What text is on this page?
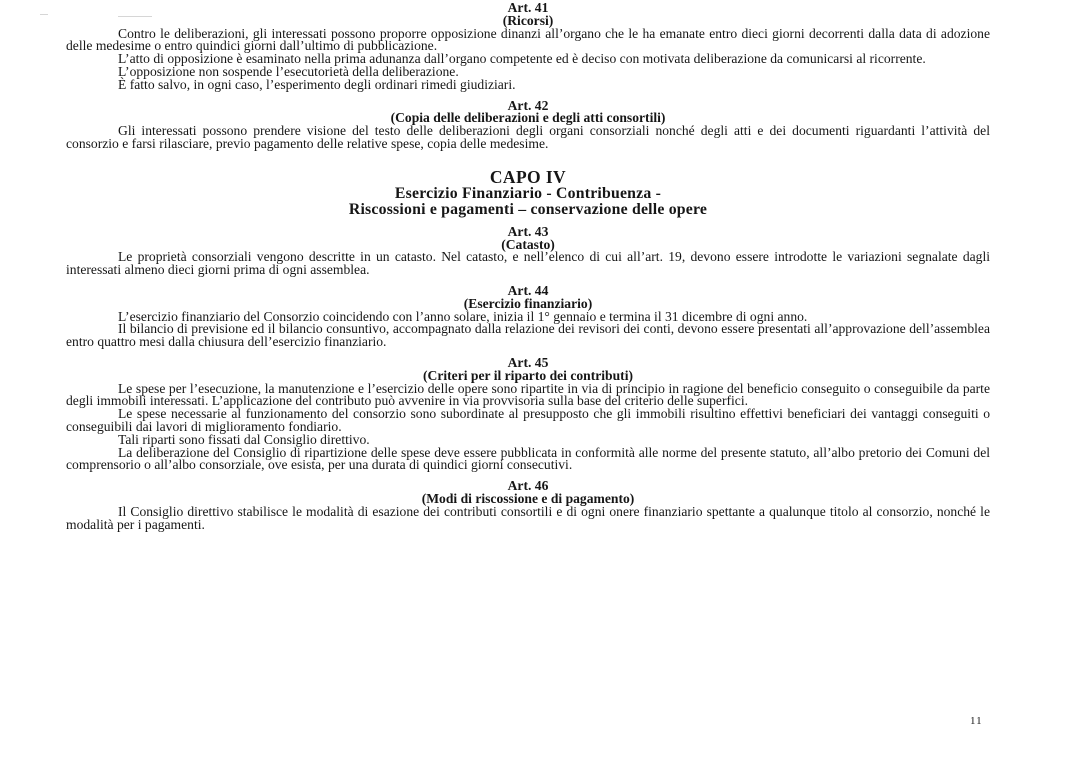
Art. 41
(Ricorsi)

Contro le deliberazioni, gli interessati possono proporre opposizione dinanzi all’organo che le ha emanate entro dieci giorni decorrenti dalla data di adozione delle medesime o entro quindici giorni dall’ultimo di pubblicazione.

L’atto di opposizione è esaminato nella prima adunanza dall’organo competente ed è deciso con motivata deliberazione da comunicarsi al ricorrente.

L’opposizione non sospende l’esecutorietà della deliberazione.

È fatto salvo, in ogni caso, l’esperimento degli ordinari rimedi giudiziari.

Art. 42
(Copia delle deliberazioni e degli atti consortili)

Gli interessati possono prendere visione del testo delle deliberazioni degli organi consorziali nonché degli atti e dei documenti riguardanti l’attività del consorzio e farsi rilasciare, previo pagamento delle relative spese, copia delle medesime.

CAPO IV
Esercizio Finanziario - Contribuenza -
Riscossioni e pagamenti – conservazione delle opere
Art. 43
(Catasto)

Le proprietà consorziali vengono descritte in un catasto. Nel catasto, e nell’elenco di cui all’art. 19, devono essere introdotte le variazioni segnalate dagli interessati almeno dieci giorni prima di ogni assemblea.

Art. 44
(Esercizio finanziario)

L’esercizio finanziario del Consorzio coincidendo con l’anno solare, inizia il 1° gennaio e termina il 31 dicembre di ogni anno.

Il bilancio di previsione ed il bilancio consuntivo, accompagnato dalla relazione dei revisori dei conti, devono essere presentati all’approvazione dell’assemblea entro quattro mesi dalla chiusura dell’esercizio finanziario.

Art. 45
(Criteri per il riparto dei contributi)

Le spese per l’esecuzione, la manutenzione e l’esercizio delle opere sono ripartite in via di principio in ragione del beneficio conseguito o conseguibile da parte degli immobili interessati. L’applicazione del contributo può avvenire in via provvisoria sulla base del criterio delle superfici.

Le spese necessarie al funzionamento del consorzio sono subordinate al presupposto che gli immobili risultino effettivi beneficiari dei vantaggi conseguiti o conseguibili dai lavori di miglioramento fondiario.

Tali riparti sono fissati dal Consiglio direttivo.

La deliberazione del Consiglio di ripartizione delle spese deve essere pubblicata in conformità alle norme del presente statuto, all’albo pretorio dei Comuni del comprensorio o all’albo consorziale, ove esista, per una durata di quindici giorni consecutivi.

Art. 46
(Modi di riscossione e di pagamento)

Il Consiglio direttivo stabilisce le modalità di esazione dei contributi consortili e di ogni onere finanziario spettante a qualunque titolo al consorzio, nonché le modalità per i pagamenti.

11
